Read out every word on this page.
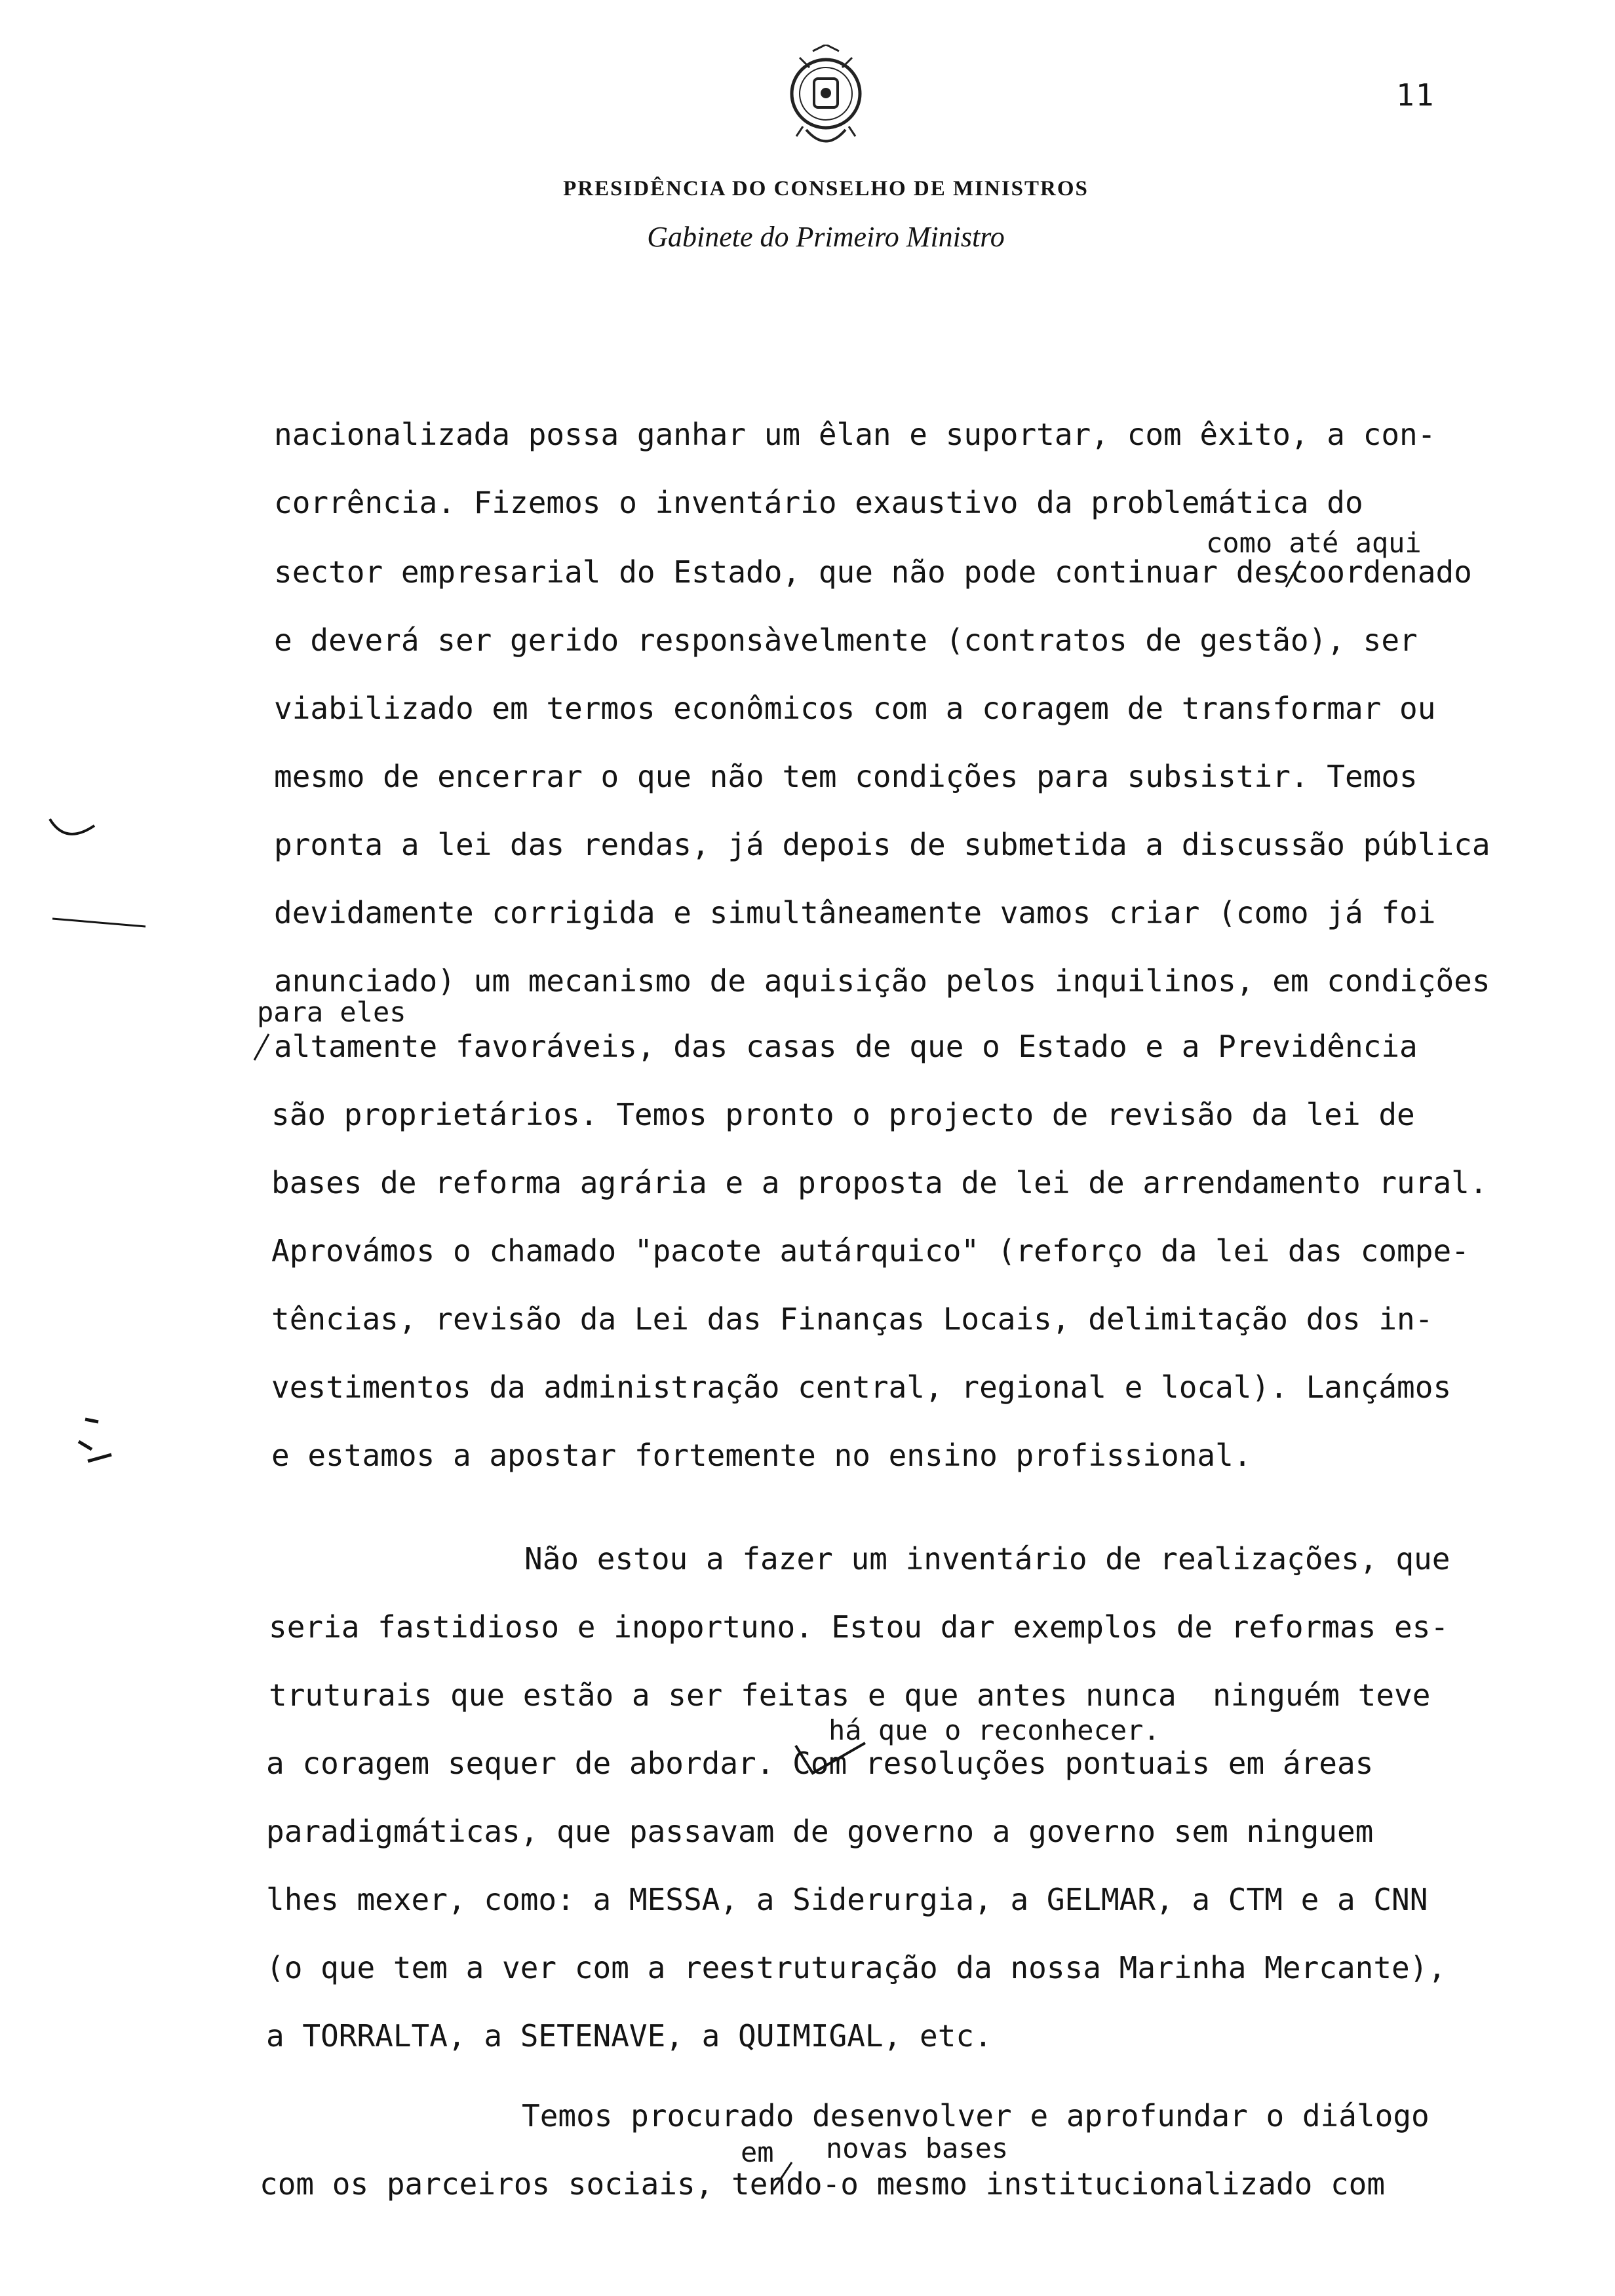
11
PRESIDÊNCIA DO CONSELHO DE MINISTROS
Gabinete do Primeiro Ministro
nacionalizada possa ganhar um êlan e suportar, com êxito, a con-
corrência. Fizemos o inventário exaustivo da problemática do
sector empresarial do Estado, que não pode continuar descoordenado
e deverá ser gerido responsàvelmente (contratos de gestão), ser
viabilizado em termos econômicos com a coragem de transformar ou
mesmo de encerrar o que não tem condições para subsistir. Temos
pronta a lei das rendas, já depois de submetida a discussão pública
devidamente corrigida e simultâneamente vamos criar (como já foi
anunciado) um mecanismo de aquisição pelos inquilinos, em condições
altamente favoráveis, das casas de que o Estado e a Previdência
são proprietários. Temos pronto o projecto de revisão da lei de
bases de reforma agrária e a proposta de lei de arrendamento rural.
Aprovámos o chamado "pacote autárquico" (reforço da lei das compe-
tências, revisão da Lei das Finanças Locais, delimitação dos in-
vestimentos da administração central, regional e local). Lançámos
e estamos a apostar fortemente no ensino profissional.
Não estou a fazer um inventário de realizações, que
seria fastidioso e inoportuno. Estou dar exemplos de reformas es-
truturais que estão a ser feitas e que antes nunca  ninguém teve
a coragem sequer de abordar. Com resoluções pontuais em áreas
paradigmáticas, que passavam de governo a governo sem ninguem
lhes mexer, como: a MESSA, a Siderurgia, a GELMAR, a CTM e a CNN
(o que tem a ver com a reestruturação da nossa Marinha Mercante),
a TORRALTA, a SETENAVE, a QUIMIGAL, etc.
Temos procurado desenvolver e aprofundar o diálogo
com os parceiros sociais, tendo-o mesmo institucionalizado com
como até aqui
para eles
há que o reconhecer.
em novas bases
